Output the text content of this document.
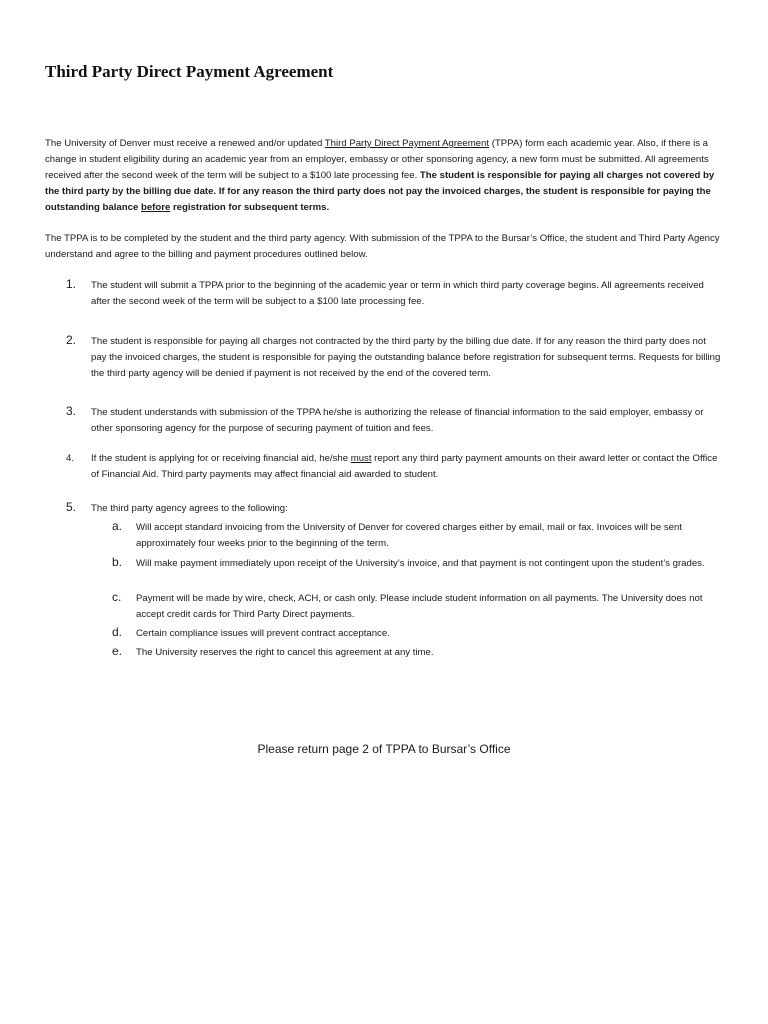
Third Party Direct Payment Agreement

The University of Denver must receive a renewed and/or updated Third Party Direct Payment Agreement (TPPA) form each academic year. Also, if there is a change in student eligibility during an academic year from an employer, embassy or other sponsoring agency, a new form must be submitted. All agreements received after the second week of the term will be subject to a $100 late processing fee. The student is responsible for paying all charges not covered by the third party by the billing due date. If for any reason the third party does not pay the invoiced charges, the student is responsible for paying the outstanding balance before registration for subsequent terms.

The TPPA is to be completed by the student and the third party agency. With submission of the TPPA to the Bursar’s Office, the student and Third Party Agency understand and agree to the billing and payment procedures outlined below.

1. The student will submit a TPPA prior to the beginning of the academic year or term in which third party coverage begins. All agreements received after the second week of the term will be subject to a $100 late processing fee.
2. The student is responsible for paying all charges not contracted by the third party by the billing due date. If for any reason the third party does not pay the invoiced charges, the student is responsible for paying the outstanding balance before registration for subsequent terms. Requests for billing the third party agency will be denied if payment is not received by the end of the covered term.
3. The student understands with submission of the TPPA he/she is authorizing the release of financial information to the said employer, embassy or other sponsoring agency for the purpose of securing payment of tuition and fees.
4. If the student is applying for or receiving financial aid, he/she must report any third party payment amounts on their award letter or contact the Office of Financial Aid. Third party payments may affect financial aid awarded to student.
5. The third party agency agrees to the following:
a. Will accept standard invoicing from the University of Denver for covered charges either by email, mail or fax. Invoices will be sent approximately four weeks prior to the beginning of the term.
b. Will make payment immediately upon receipt of the University’s invoice, and that payment is not contingent upon the student’s grades.
c. Payment will be made by wire, check, ACH, or cash only. Please include student information on all payments. The University does not accept credit cards for Third Party Direct payments.
d. Certain compliance issues will prevent contract acceptance.
e. The University reserves the right to cancel this agreement at any time.
Please return page 2 of TPPA to Bursar’s Office
